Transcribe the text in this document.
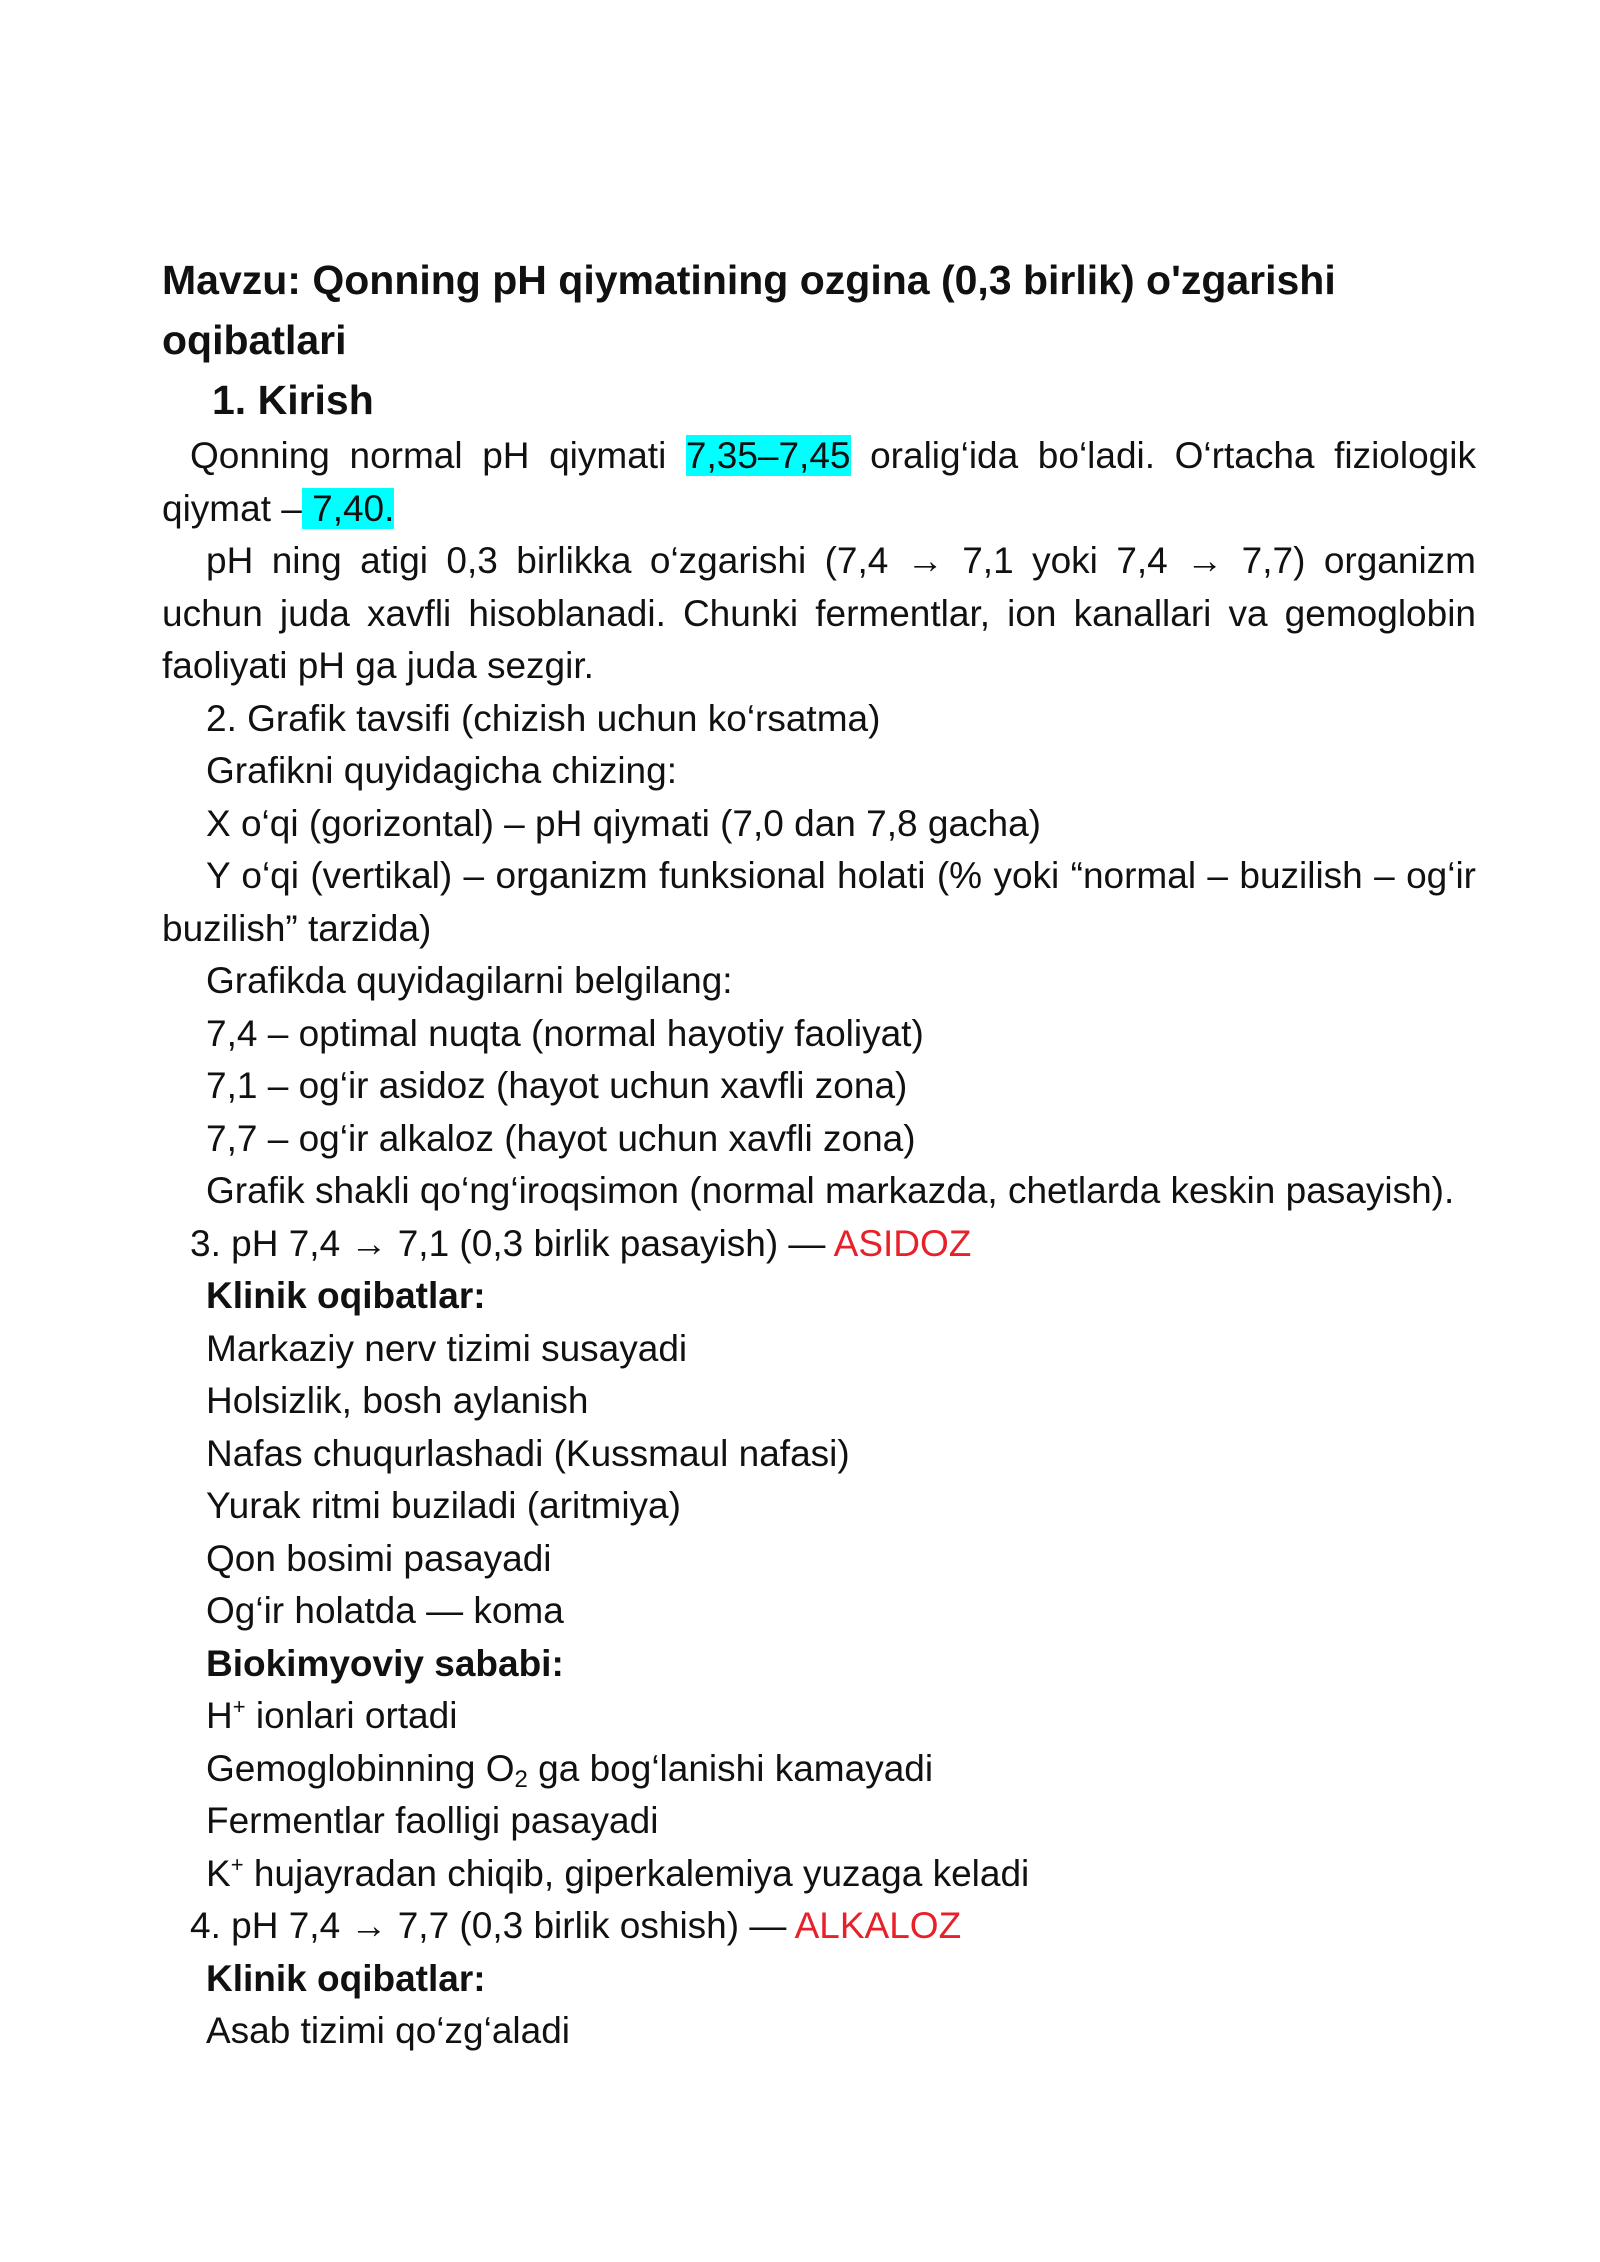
Mavzu: Qonning pH qiymatining ozgina (0,3 birlik) o'zgarishi oqibatlari
1. Kirish

Qonning normal pH qiymati 7,35–7,45 oralig‘ida bo‘ladi. O‘rtacha fiziologik qiymat – 7,40.

pH ning atigi 0,3 birlikka o‘zgarishi (7,4 → 7,1 yoki 7,4 → 7,7) organizm uchun juda xavfli hisoblanadi. Chunki fermentlar, ion kanallari va gemoglobin faoliyati pH ga juda sezgir.

2. Grafik tavsifi (chizish uchun ko‘rsatma)

Grafikni quyidagicha chizing:

X o‘qi (gorizontal) – pH qiymati (7,0 dan 7,8 gacha)

Y o‘qi (vertikal) – organizm funksional holati (% yoki “normal – buzilish – og‘ir buzilish” tarzida)

Grafikda quyidagilarni belgilang:

7,4 – optimal nuqta (normal hayotiy faoliyat)

7,1 – og‘ir asidoz (hayot uchun xavfli zona)

7,7 – og‘ir alkaloz (hayot uchun xavfli zona)

Grafik shakli qo‘ng‘iroqsimon (normal markazda, chetlarda keskin pasayish).

3. pH 7,4 → 7,1 (0,3 birlik pasayish) — ASIDOZ

Klinik oqibatlar:

Markaziy nerv tizimi susayadi

Holsizlik, bosh aylanish

Nafas chuqurlashadi (Kussmaul nafasi)

Yurak ritmi buziladi (aritmiya)

Qon bosimi pasayadi

Og‘ir holatda — koma

Biokimyoviy sababi:

H+ ionlari ortadi

Gemoglobinning $O_2$ ga bog‘lanishi kamayadi

Fermentlar faolligi pasayadi

K+ hujayradan chiqib, giperkalemiya yuzaga keladi

4. pH 7,4 → 7,7 (0,3 birlik oshish) — ALKALOZ

Klinik oqibatlar:

Asab tizimi qo‘zg‘aladi
